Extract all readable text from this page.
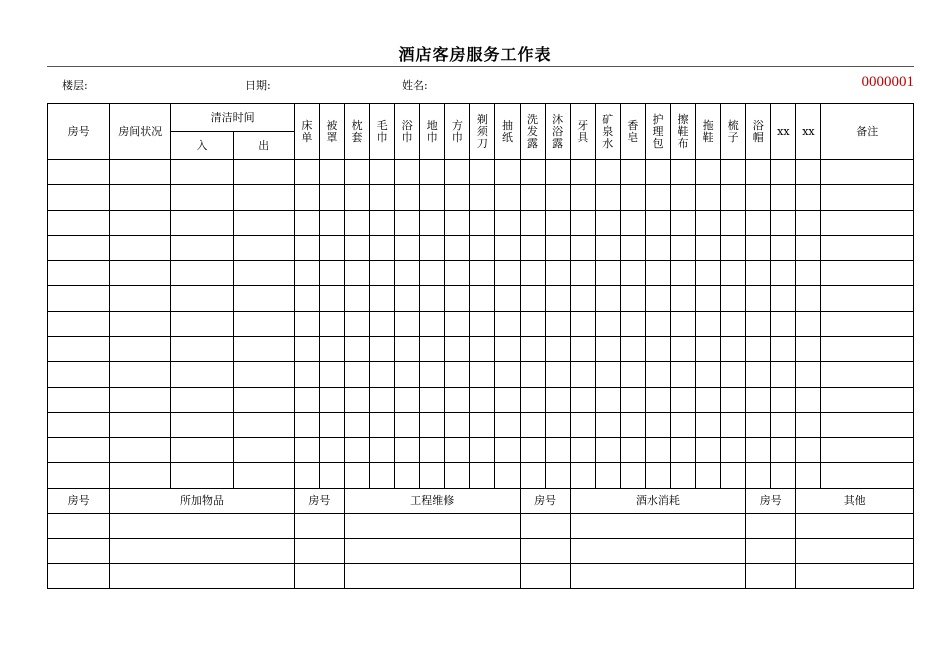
酒店客房服务工作表
楼层:	日期:	姓名:	0000001
房号	房间状况	清洁时间		床单	被罩	枕套	毛巾	浴巾	地巾	方巾	剃须刀	抽纸	洗发露	沐浴露	牙具	矿泉水	香皂	护理包	擦鞋布	拖鞋	梳子	浴帽	xx	xx	备注
		入	出																						

房号	所加物品			房号		工程维修							房号		酒水消耗							房号		其他	
